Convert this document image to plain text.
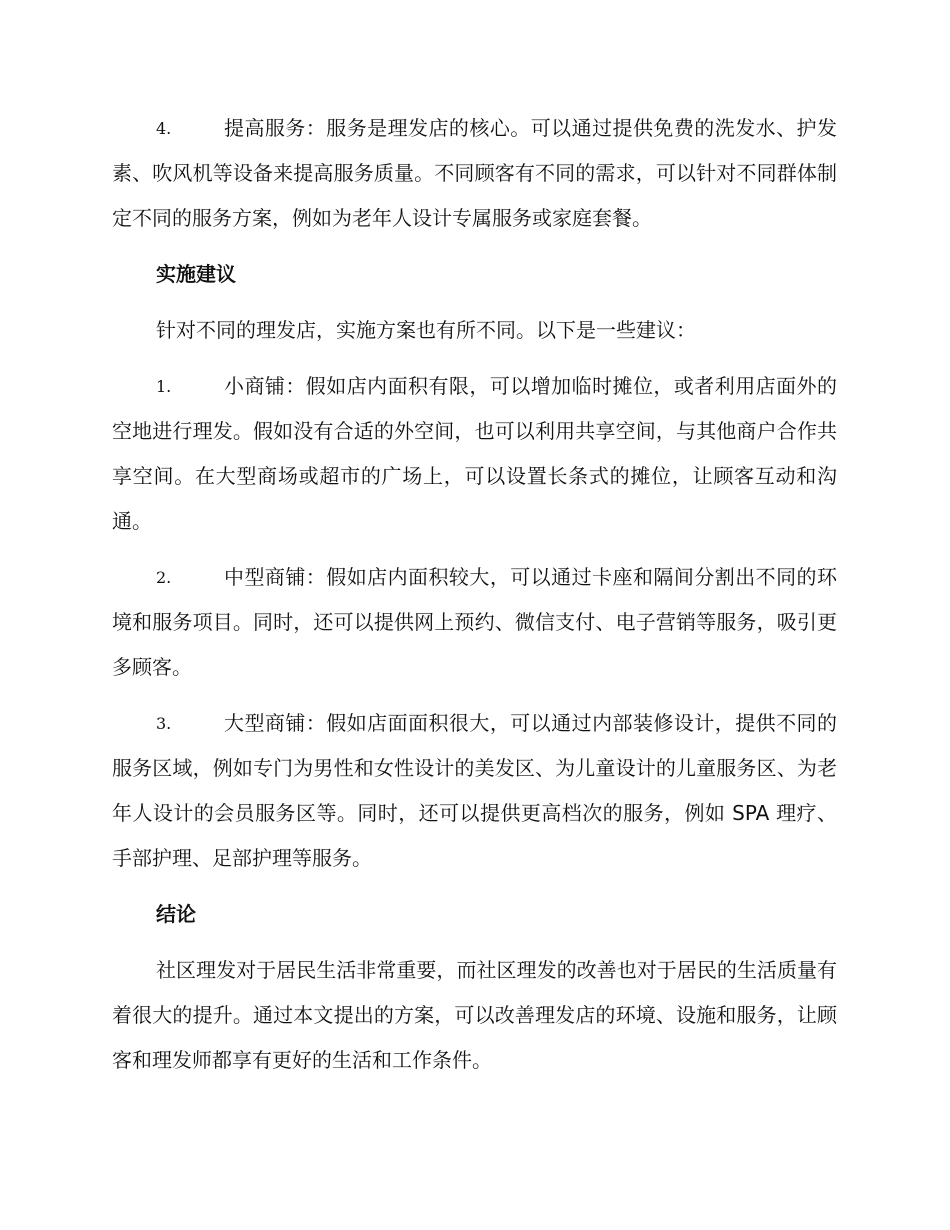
4.	提高服务：服务是理发店的核心。可以通过提供免费的洗发水、护发素、吹风机等设备来提高服务质量。不同顾客有不同的需求，可以针对不同群体制定不同的服务方案，例如为老年人设计专属服务或家庭套餐。

实施建议

针对不同的理发店，实施方案也有所不同。以下是一些建议：

1.	小商铺：假如店内面积有限，可以增加临时摊位，或者利用店面外的空地进行理发。假如没有合适的外空间，也可以利用共享空间，与其他商户合作共享空间。在大型商场或超市的广场上，可以设置长条式的摊位，让顾客互动和沟通。

2.	中型商铺：假如店内面积较大，可以通过卡座和隔间分割出不同的环境和服务项目。同时，还可以提供网上预约、微信支付、电子营销等服务，吸引更多顾客。

3.	大型商铺：假如店面面积很大，可以通过内部装修设计，提供不同的服务区域，例如专门为男性和女性设计的美发区、为儿童设计的儿童服务区、为老年人设计的会员服务区等。同时，还可以提供更高档次的服务，例如 SPA 理疗、手部护理、足部护理等服务。

结论

社区理发对于居民生活非常重要，而社区理发的改善也对于居民的生活质量有着很大的提升。通过本文提出的方案，可以改善理发店的环境、设施和服务，让顾客和理发师都享有更好的生活和工作条件。
